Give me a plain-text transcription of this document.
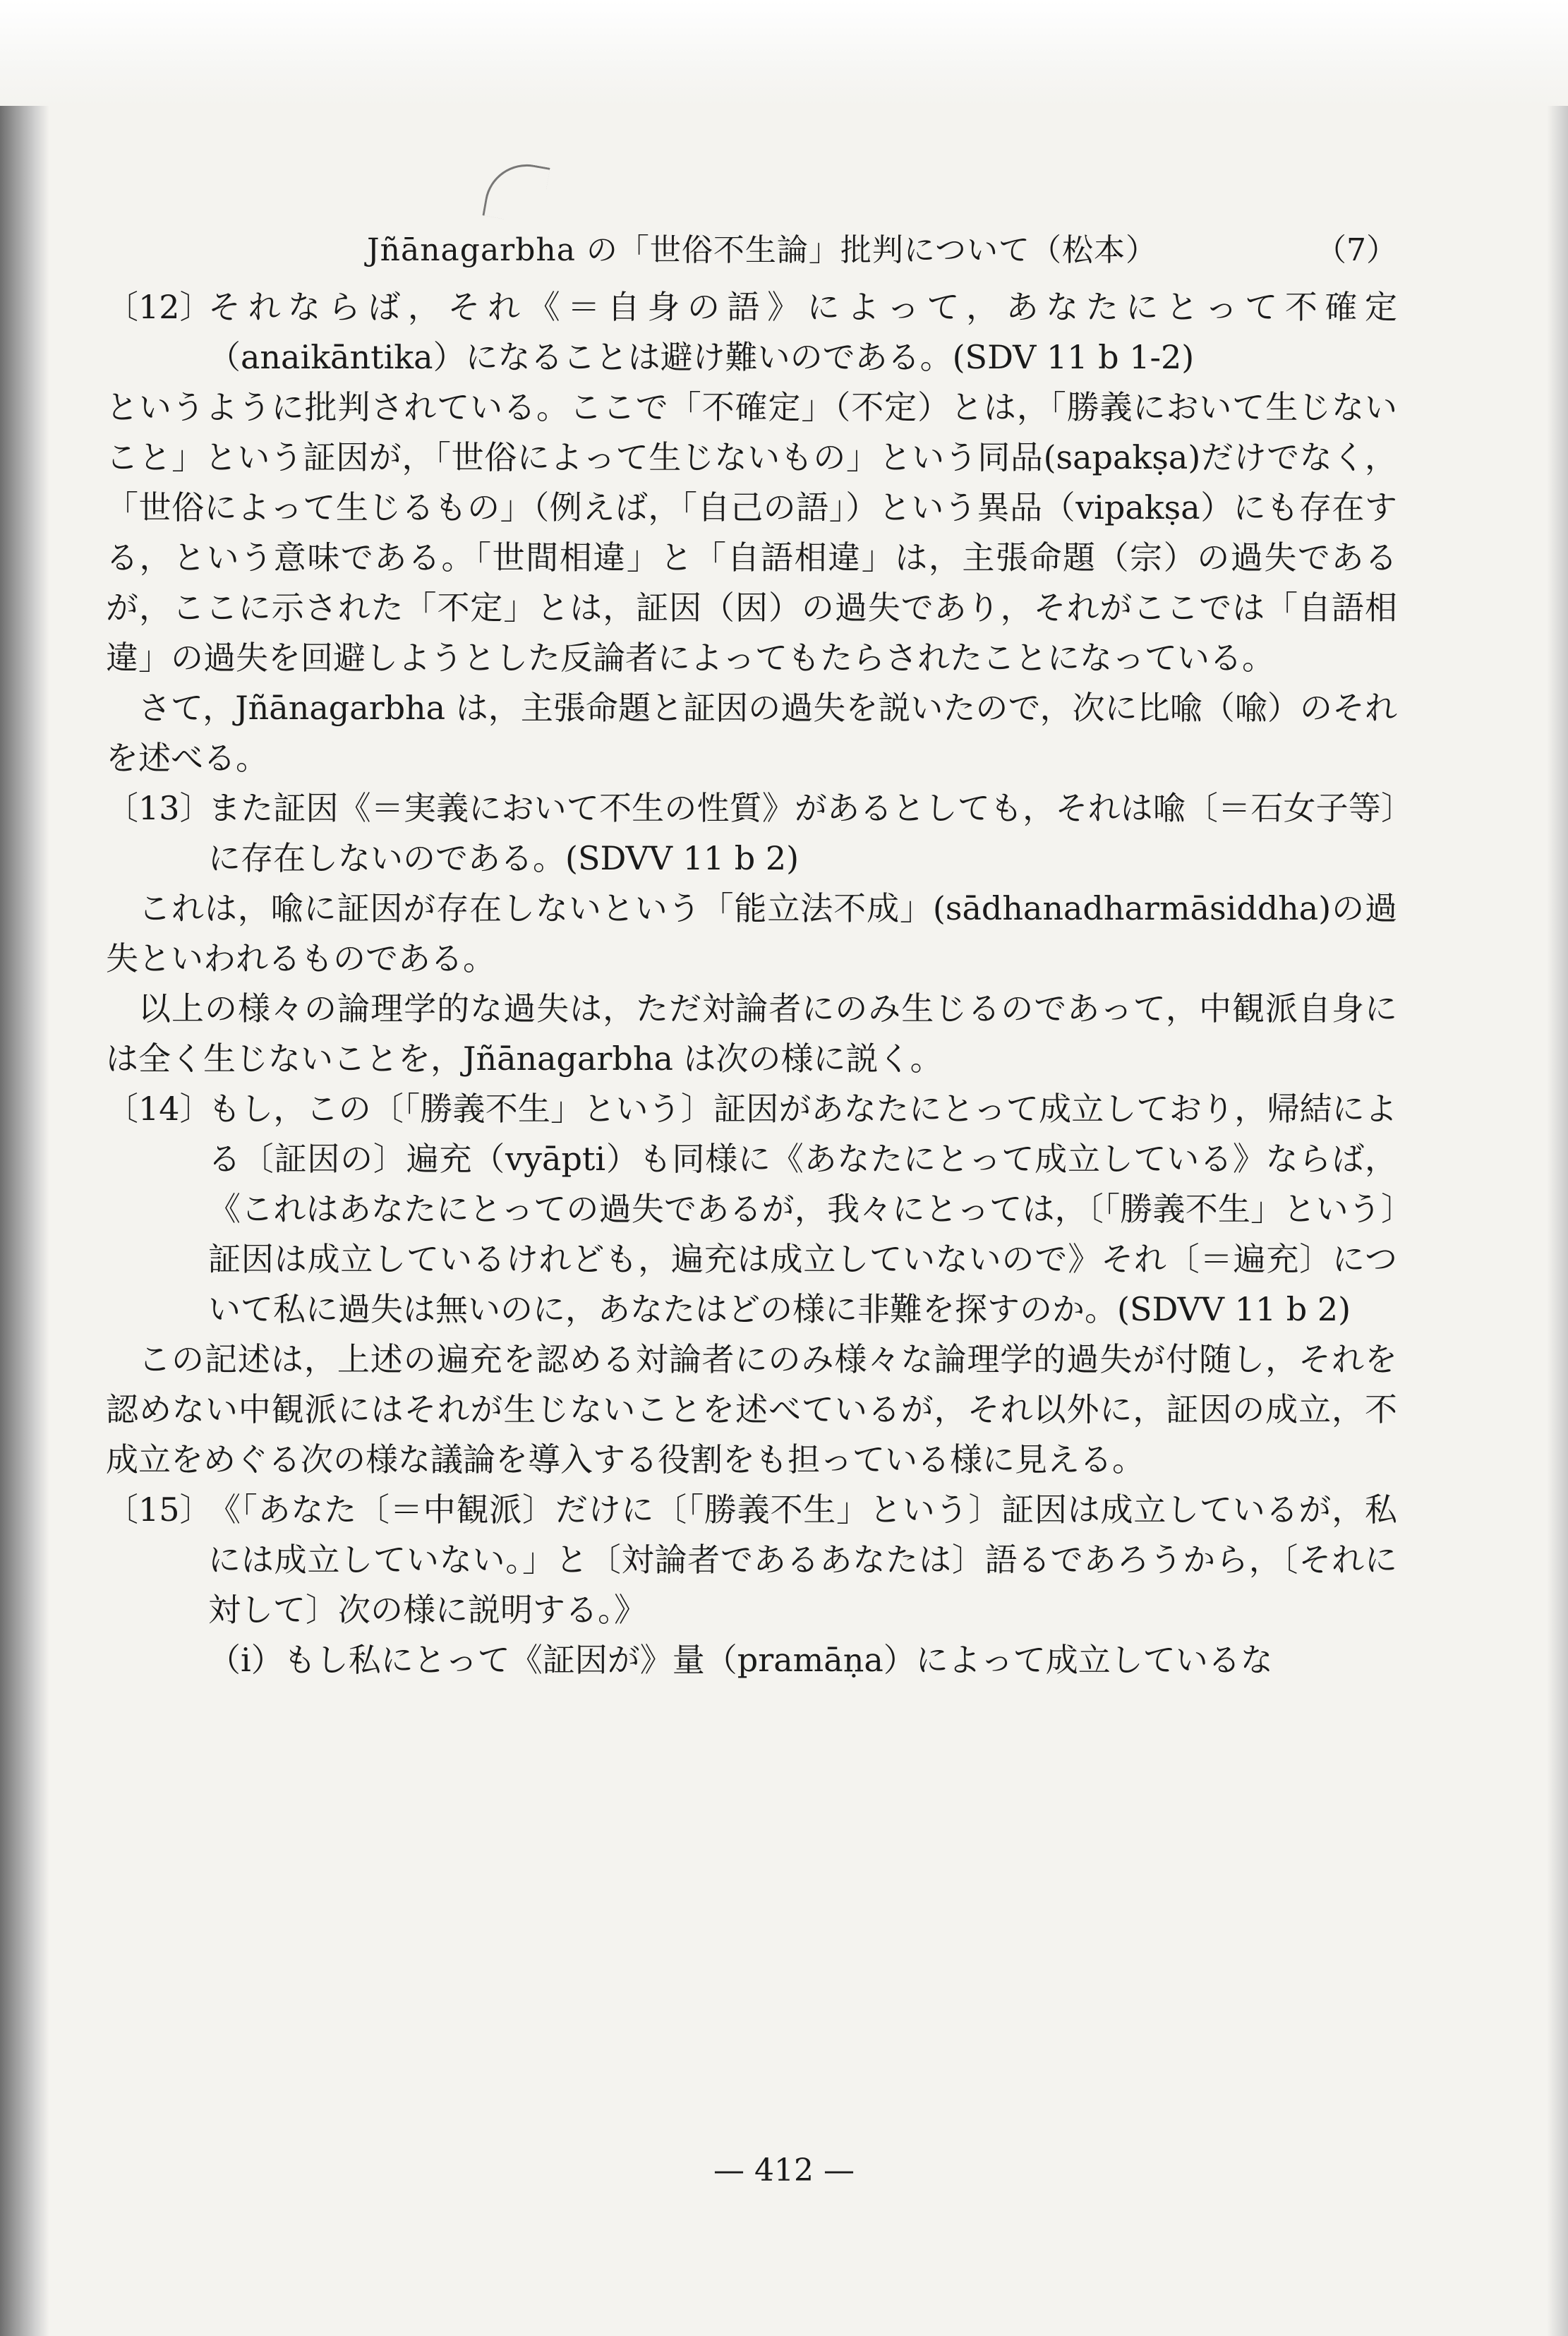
Jñānagarbha の「世俗不生論」批判について（松本）	（7）

〔12〕
それならば，それ《＝自身の語》によって，あなたにとって不確定（anaikāntika）になることは避け難いのである。(SDV 11 b 1-2)

というように批判されている。ここで「不確定」（不定）とは，「勝義において生じないこと」という証因が，「世俗によって生じないもの」という同品(sapakṣa)だけでなく，「世俗によって生じるもの」（例えば，「自己の語」）という異品（vipakṣa）にも存在する，という意味である。「世間相違」と「自語相違」は，主張命題（宗）の過失であるが，ここに示された「不定」とは，証因（因）の過失であり，それがここでは「自語相違」の過失を回避しようとした反論者によってもたらされたことになっている。

さて，Jñānagarbha は，主張命題と証因の過失を説いたので，次に比喩（喩）のそれを述べる。

〔13〕
また証因《＝実義において不生の性質》があるとしても，それは喩〔＝石女子等〕に存在しないのである。(SDVV 11 b 2)

これは，喩に証因が存在しないという「能立法不成」(sādhanadharmāsiddha)の過失といわれるものである。

以上の様々の論理学的な過失は，ただ対論者にのみ生じるのであって，中観派自身には全く生じないことを，Jñānagarbha は次の様に説く。

〔14〕
もし，この〔「勝義不生」という〕証因があなたにとって成立しており，帰結による〔証因の〕遍充（vyāpti）も同様に《あなたにとって成立している》ならば，《これはあなたにとっての過失であるが，我々にとっては，〔「勝義不生」という〕証因は成立しているけれども，遍充は成立していないので》それ〔＝遍充〕について私に過失は無いのに，あなたはどの様に非難を探すのか。(SDVV 11 b 2)

この記述は，上述の遍充を認める対論者にのみ様々な論理学的過失が付随し，それを認めない中観派にはそれが生じないことを述べているが，それ以外に，証因の成立，不成立をめぐる次の様な議論を導入する役割をも担っている様に見える。

〔15〕
《「あなた〔＝中観派〕だけに〔「勝義不生」という〕証因は成立しているが，私には成立していない。」と〔対論者であるあなたは〕語るであろうから，〔それに対して〕次の様に説明する。》

（ⅰ）もし私にとって《証因が》量（pramāṇa）によって成立しているな

— 412 —
